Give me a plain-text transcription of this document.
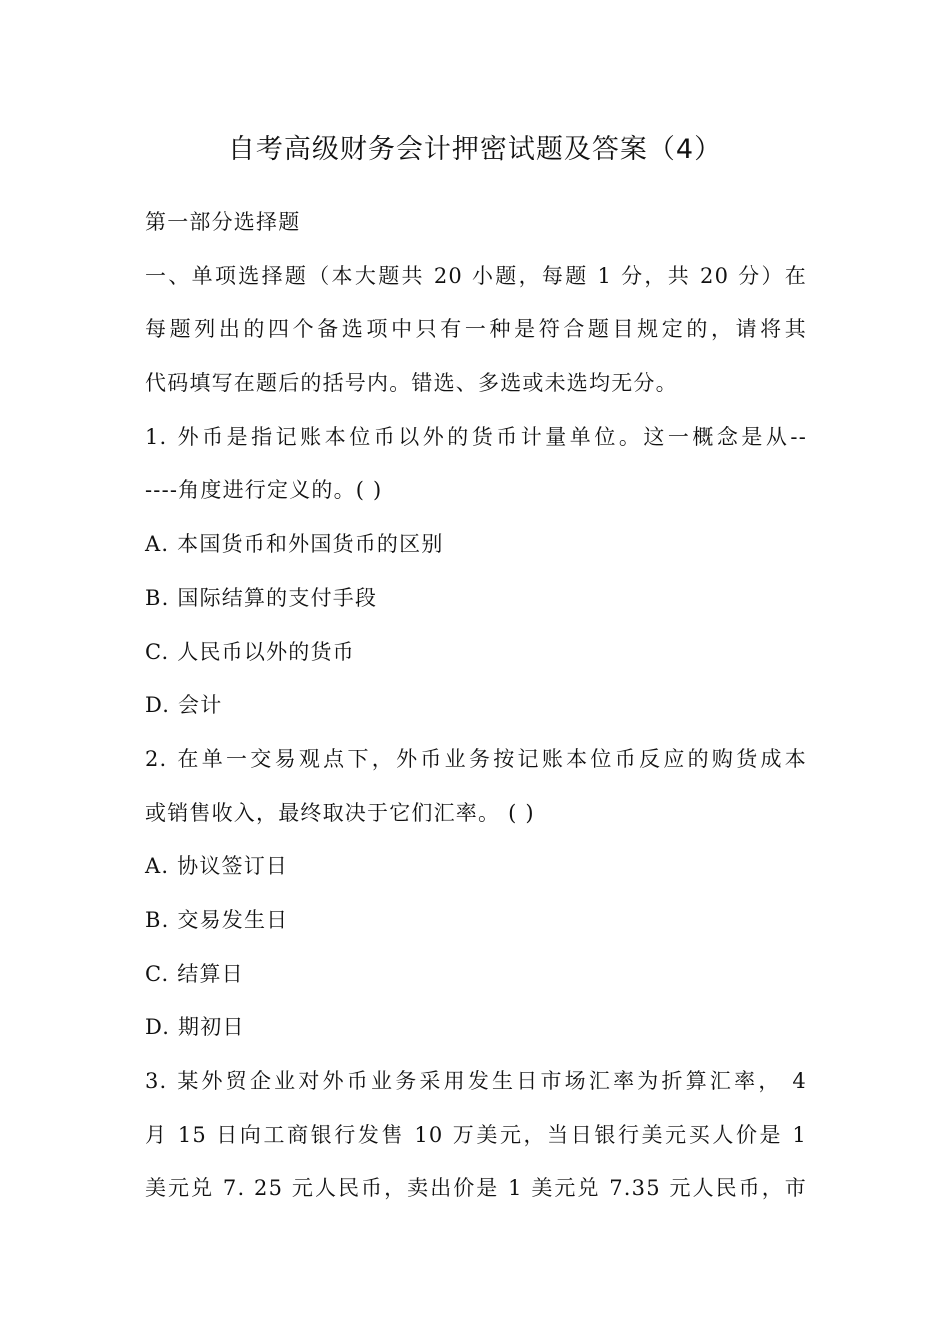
自考高级财务会计押密试题及答案（4）
第一部分选择题
一、单项选择题（本大题共 20 小题，每题 1 分，共 20 分）在
每题列出的四个备选项中只有一种是符合题目规定的，请将其
代码填写在题后的括号内。错选、多选或未选均无分。
1. 外币是指记账本位币以外的货币计量单位。这一概念是从--
----角度进行定义的。( )
A. 本国货币和外国货币的区别
B. 国际结算的支付手段
C. 人民币以外的货币
D. 会计
2. 在单一交易观点下，外币业务按记账本位币反应的购货成本
或销售收入，最终取决于它们汇率。 ( )
A. 协议签订日
B. 交易发生日
C. 结算日
D. 期初日
3. 某外贸企业对外币业务采用发生日市场汇率为折算汇率， 4
月 15 日向工商银行发售 10 万美元，当日银行美元买人价是 1
美元兑 7. 25 元人民币，卖出价是 1 美元兑 7.35 元人民币，市
